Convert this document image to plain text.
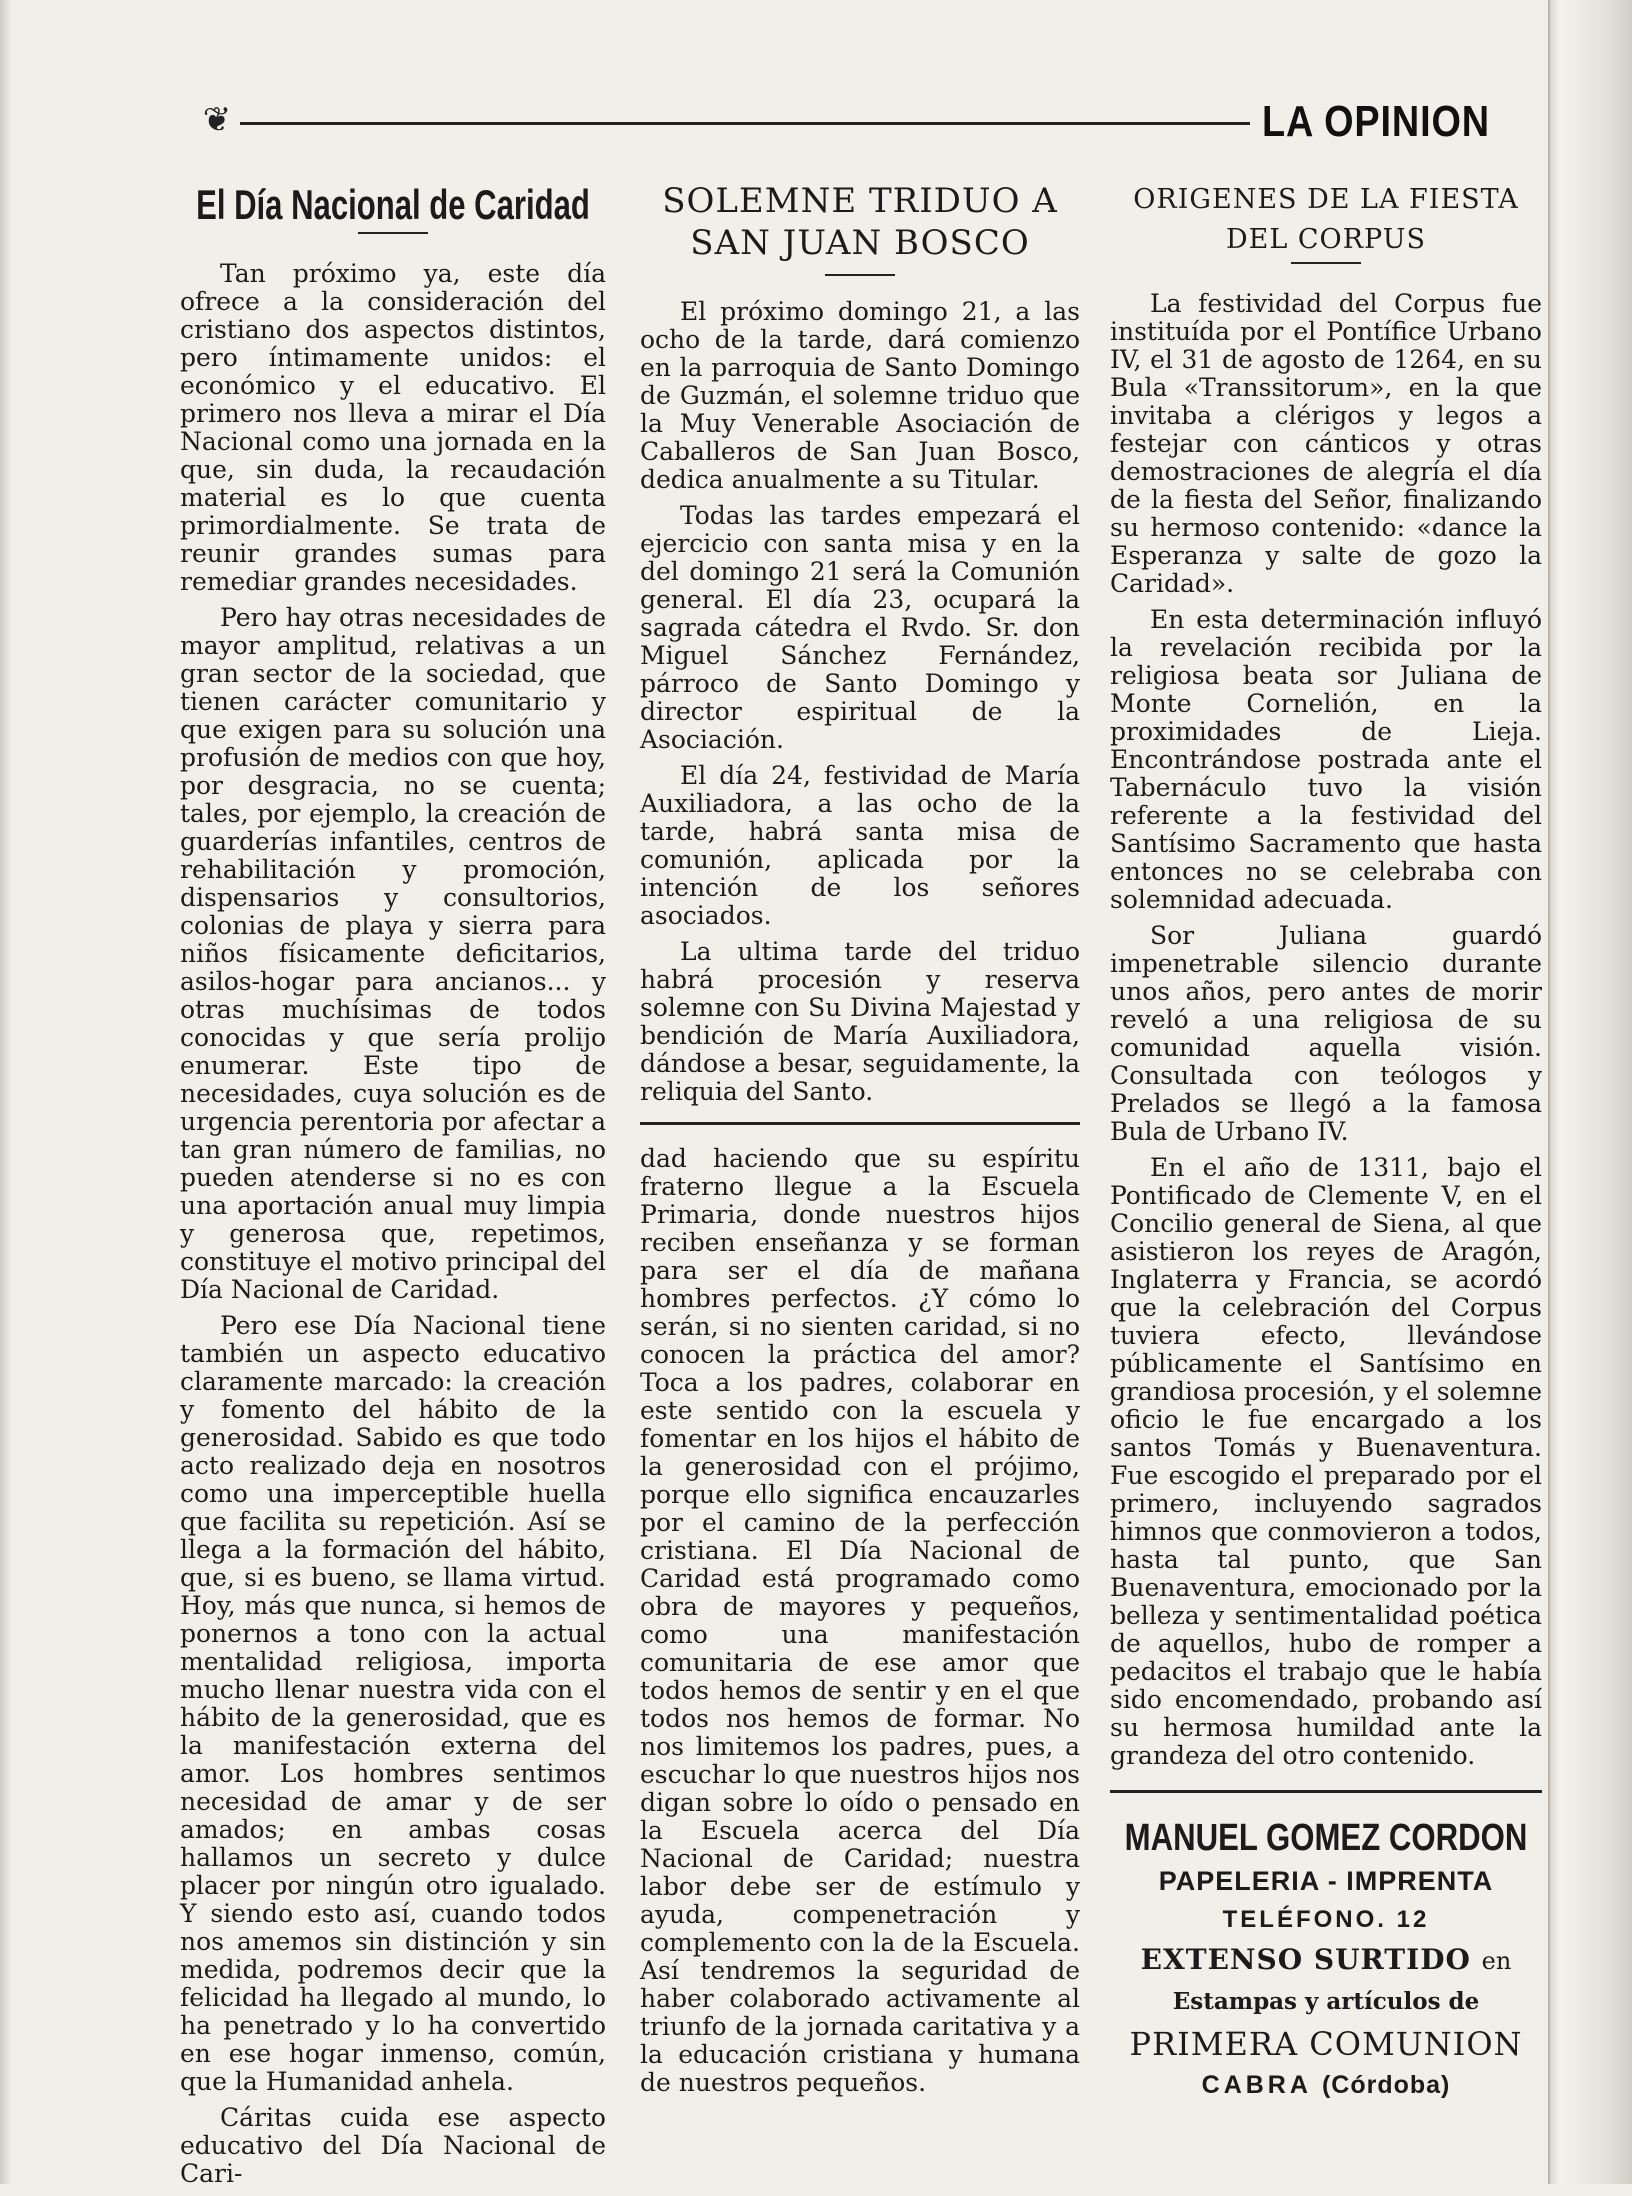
❦	LA OPINION
El Día Nacional de Caridad

Tan próximo ya, este día ofrece a la consideración del cristiano dos aspectos distintos, pero íntimamente unidos: el económico y el educativo. El primero nos lleva a mirar el Día Nacional como una jornada en la que, sin duda, la recaudación material es lo que cuenta primordialmente. Se trata de reunir grandes sumas para remediar grandes necesidades.

Pero hay otras necesidades de mayor amplitud, relativas a un gran sector de la sociedad, que tienen carácter comunitario y que exigen para su solución una profusión de medios con que hoy, por desgracia, no se cuenta; tales, por ejemplo, la creación de guarderías infantiles, centros de rehabilitación y promoción, dispensarios y consultorios, colonias de playa y sierra para niños físicamente deficitarios, asilos-hogar para ancianos... y otras muchísimas de todos conocidas y que sería prolijo enumerar. Este tipo de necesidades, cuya solución es de urgencia perentoria por afectar a tan gran número de familias, no pueden atenderse si no es con una aportación anual muy limpia y generosa que, repetimos, constituye el motivo principal del Día Nacional de Caridad.

Pero ese Día Nacional tiene también un aspecto educativo claramente marcado: la creación y fomento del hábito de la generosidad. Sabido es que todo acto realizado deja en nosotros como una imperceptible huella que facilita su repetición. Así se llega a la formación del hábito, que, si es bueno, se llama virtud. Hoy, más que nunca, si hemos de ponernos a tono con la actual mentalidad religiosa, importa mucho llenar nuestra vida con el hábito de la generosidad, que es la manifestación externa del amor. Los hombres sentimos necesidad de amar y de ser amados; en ambas cosas hallamos un secreto y dulce placer por ningún otro igualado. Y siendo esto así, cuando todos nos amemos sin distinción y sin medida, podremos decir que la felicidad ha llegado al mundo, lo ha penetrado y lo ha convertido en ese hogar inmenso, común, que la Humanidad anhela.

Cáritas cuida ese aspecto educativo del Día Nacional de Cari-

SOLEMNE TRIDUO A
SAN JUAN BOSCO

El próximo domingo 21, a las ocho de la tarde, dará comienzo en la parroquia de Santo Domingo de Guzmán, el solemne triduo que la Muy Venerable Asociación de Caballeros de San Juan Bosco, dedica anualmente a su Titular.

Todas las tardes empezará el ejercicio con santa misa y en la del domingo 21 será la Comunión general. El día 23, ocupará la sagrada cátedra el Rvdo. Sr. don Miguel Sánchez Fernández, párroco de Santo Domingo y director espiritual de la Asociación.

El día 24, festividad de María Auxiliadora, a las ocho de la tarde, habrá santa misa de comunión, aplicada por la intención de los señores asociados.

La ultima tarde del triduo habrá procesión y reserva solemne con Su Divina Majestad y bendición de María Auxiliadora, dándose a besar, seguidamente, la reliquia del Santo.

dad haciendo que su espíritu fraterno llegue a la Escuela Primaria, donde nuestros hijos reciben enseñanza y se forman para ser el día de mañana hombres perfectos. ¿Y cómo lo serán, si no sienten caridad, si no conocen la práctica del amor? Toca a los padres, colaborar en este sentido con la escuela y fomentar en los hijos el hábito de la generosidad con el prójimo, porque ello significa encauzarles por el camino de la perfección cristiana. El Día Nacional de Caridad está programado como obra de mayores y pequeños, como una manifestación comunitaria de ese amor que todos hemos de sentir y en el que todos nos hemos de formar. No nos limitemos los padres, pues, a escuchar lo que nuestros hijos nos digan sobre lo oído o pensado en la Escuela acerca del Día Nacional de Caridad; nuestra labor debe ser de estímulo y ayuda, compenetración y complemento con la de la Escuela. Así tendremos la seguridad de haber colaborado activamente al triunfo de la jornada caritativa y a la educación cristiana y humana de nuestros pequeños.

ORIGENES DE LA FIESTA
DEL CORPUS

La festividad del Corpus fue instituída por el Pontífice Urbano IV, el 31 de agosto de 1264, en su Bula «Transsitorum», en la que invitaba a clérigos y legos a festejar con cánticos y otras demostraciones de alegría el día de la fiesta del Señor, finalizando su hermoso contenido: «dance la Esperanza y salte de gozo la Caridad».

En esta determinación influyó la revelación recibida por la religiosa beata sor Juliana de Monte Cornelión, en la proximidades de Lieja. Encontrándose postrada ante el Tabernáculo tuvo la visión referente a la festividad del Santísimo Sacramento que hasta entonces no se celebraba con solemnidad adecuada.

Sor Juliana guardó impenetrable silencio durante unos años, pero antes de morir reveló a una religiosa de su comunidad aquella visión. Consultada con teólogos y Prelados se llegó a la famosa Bula de Urbano IV.

En el año de 1311, bajo el Pontificado de Clemente V, en el Concilio general de Siena, al que asistieron los reyes de Aragón, Inglaterra y Francia, se acordó que la celebración del Corpus tuviera efecto, llevándose públicamente el Santísimo en grandiosa procesión, y el solemne oficio le fue encargado a los santos Tomás y Buenaventura. Fue escogido el preparado por el primero, incluyendo sagrados himnos que conmovieron a todos, hasta tal punto, que San Buenaventura, emocionado por la belleza y sentimentalidad poética de aquellos, hubo de romper a pedacitos el trabajo que le había sido encomendado, probando así su hermosa humildad ante la grandeza del otro contenido.

MANUEL GOMEZ CORDON
PAPELERIA - IMPRENTA
TELÉFONO. 12
EXTENSO SURTIDO en
Estampas y artículos de
PRIMERA COMUNION
CABRA (Córdoba)
